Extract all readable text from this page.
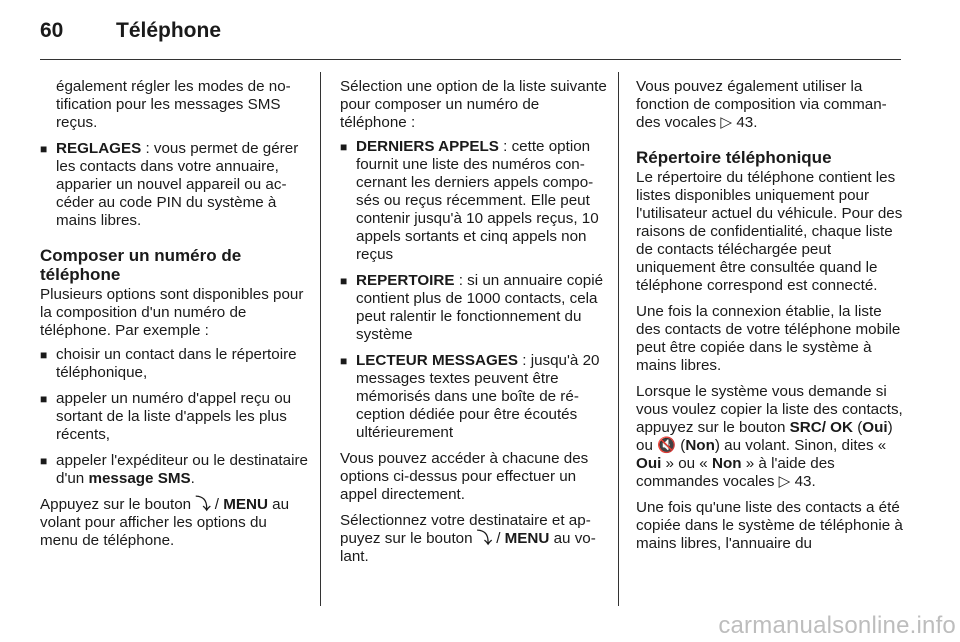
60	Téléphone

également régler les modes de notification pour les messages SMS reçus.

■ REGLAGES : vous permet de gérer les contacts dans votre annuaire, apparier un nouvel appareil ou accéder au code PIN du système à mains libres.
Composer un numéro de téléphone

Plusieurs options sont disponibles pour la composition d'un numéro de téléphone. Par exemple :

■ choisir un contact dans le répertoire téléphonique,
■ appeler un numéro d'appel reçu ou sortant de la liste d'appels les plus récents,
■ appeler l'expéditeur ou le destinataire d'un message SMS.

Appuyez sur le bouton ⤵ / MENU au volant pour afficher les options du menu de téléphone.

Sélection une option de la liste suivante pour composer un numéro de téléphone :

■ DERNIERS APPELS : cette option fournit une liste des numéros concernant les derniers appels composés ou reçus récemment. Elle peut contenir jusqu'à 10 appels reçus, 10 appels sortants et cinq appels non reçus
■ REPERTOIRE : si un annuaire copié contient plus de 1000 contacts, cela peut ralentir le fonctionnement du système
■ LECTEUR MESSAGES : jusqu'à 20 messages textes peuvent être mémorisés dans une boîte de réception dédiée pour être écoutés ultérieurement

Vous pouvez accéder à chacune des options ci-dessus pour effectuer un appel directement.

Sélectionnez votre destinataire et appuyez sur le bouton ⤵ / MENU au volant.

Vous pouvez également utiliser la fonction de composition via commandes vocales ▷ 43.

Répertoire téléphonique

Le répertoire du téléphone contient les listes disponibles uniquement pour l'utilisateur actuel du véhicule. Pour des raisons de confidentialité, chaque liste de contacts téléchargée peut uniquement être consultée quand le téléphone correspond est connecté.

Une fois la connexion établie, la liste des contacts de votre téléphone mobile peut être copiée dans le système à mains libres.

Lorsque le système vous demande si vous voulez copier la liste des contacts, appuyez sur le bouton SRC/ OK (Oui) ou 🔇 (Non) au volant. Sinon, dites « Oui » ou « Non » à l'aide des commandes vocales ▷ 43.

Une fois qu'une liste des contacts a été copiée dans le système de téléphonie à mains libres, l'annuaire du

carmanualsonline.info
